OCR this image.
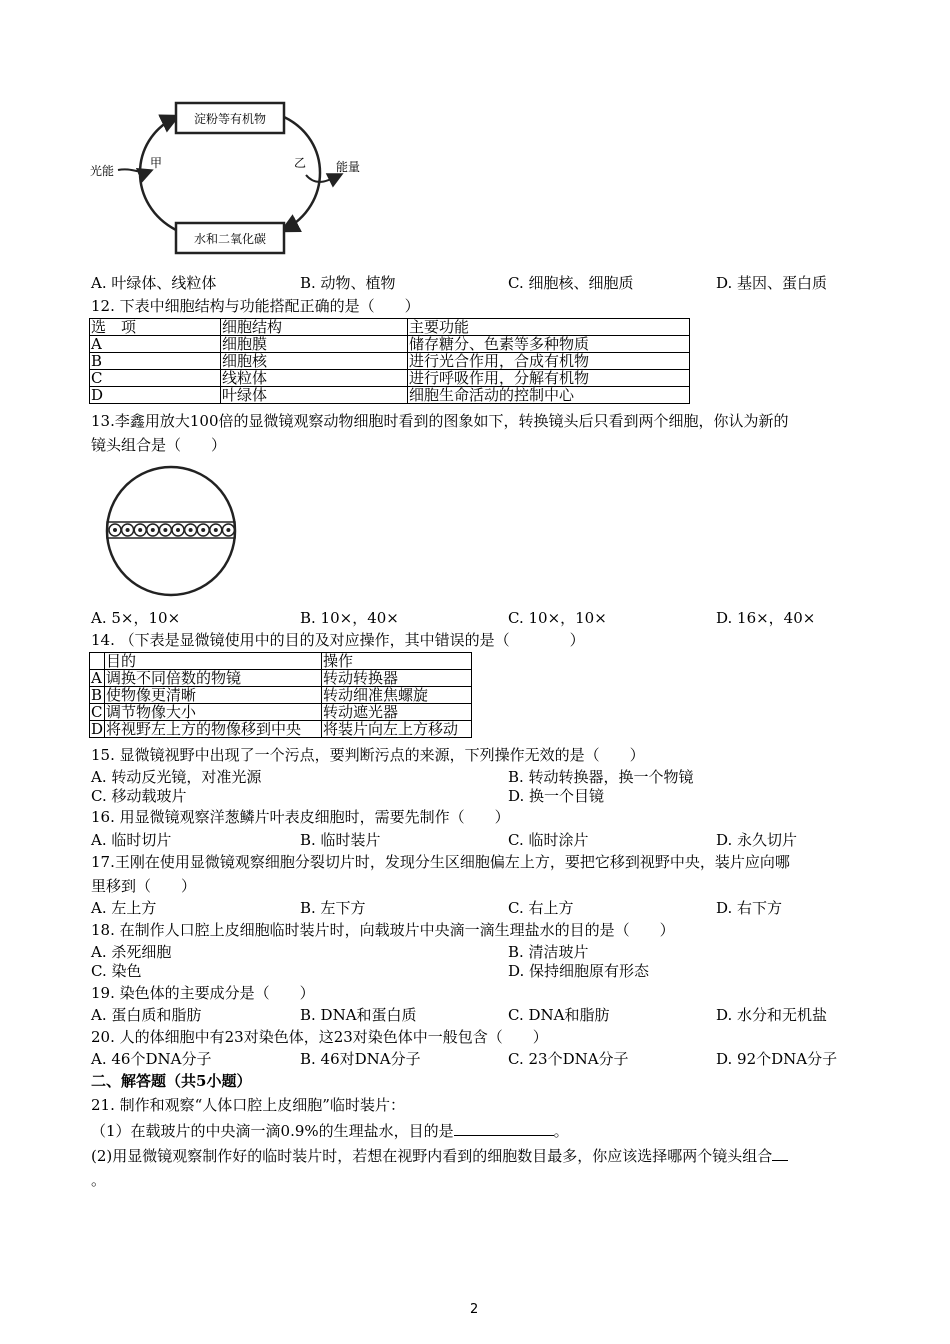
淀粉等有机物
水和二氧化碳
光能	能量
甲	乙
A. 叶绿体、线粒体	B. 动物、植物	C. 细胞核、细胞质	D. 基因、蛋白质
12. 下表中细胞结构与功能搭配正确的是（　　）
选　项	细胞结构	主要功能
A	细胞膜	储存糖分、色素等多种物质
B	细胞核	进行光合作用，合成有机物
C	线粒体	进行呼吸作用，分解有机物
D	叶绿体	细胞生命活动的控制中心
13.李鑫用放大100倍的显微镜观察动物细胞时看到的图象如下，转换镜头后只看到两个细胞，你认为新的
镜头组合是（　　）
A. 5×，10×	B. 10×，40×	C. 10×，10×	D. 16×，40×
14. （下表是显微镜使用中的目的及对应操作，其中错误的是（　　　　）
	目的	操作
A	调换不同倍数的物镜	转动转换器
B	使物像更清晰	转动细准焦螺旋
C	调节物像大小	转动遮光器
D	将视野左上方的物像移到中央	将装片向左上方移动
15. 显微镜视野中出现了一个污点，要判断污点的来源，下列操作无效的是（　　）
A. 转动反光镜，对准光源	B. 转动转换器，换一个物镜
C. 移动载玻片	D. 换一个目镜
16. 用显微镜观察洋葱鳞片叶表皮细胞时，需要先制作（　　）
A. 临时切片	B. 临时装片	C. 临时涂片	D. 永久切片
17.王刚在使用显微镜观察细胞分裂切片时，发现分生区细胞偏左上方，要把它移到视野中央，装片应向哪
里移到（　　）
A. 左上方	B. 左下方	C. 右上方	D. 右下方
18. 在制作人口腔上皮细胞临时装片时，向载玻片中央滴一滴生理盐水的目的是（　　）
A. 杀死细胞	B. 清洁玻片
C. 染色	D. 保持细胞原有形态
19. 染色体的主要成分是（　　）
A. 蛋白质和脂肪	B. DNA和蛋白质	C. DNA和脂肪	D. 水分和无机盐
20. 人的体细胞中有23对染色体，这23对染色体中一般包含（　　）
A. 46个DNA分子	B. 46对DNA分子	C. 23个DNA分子	D. 92个DNA分子
二、解答题（共5小题）
21. 制作和观察“人体口腔上皮细胞”临时装片：
（1）在载玻片的中央滴一滴0.9%的生理盐水，目的是	。
(2)用显微镜观察制作好的临时装片时，若想在视野内看到的细胞数目最多，你应该选择哪两个镜头组合
。
2
